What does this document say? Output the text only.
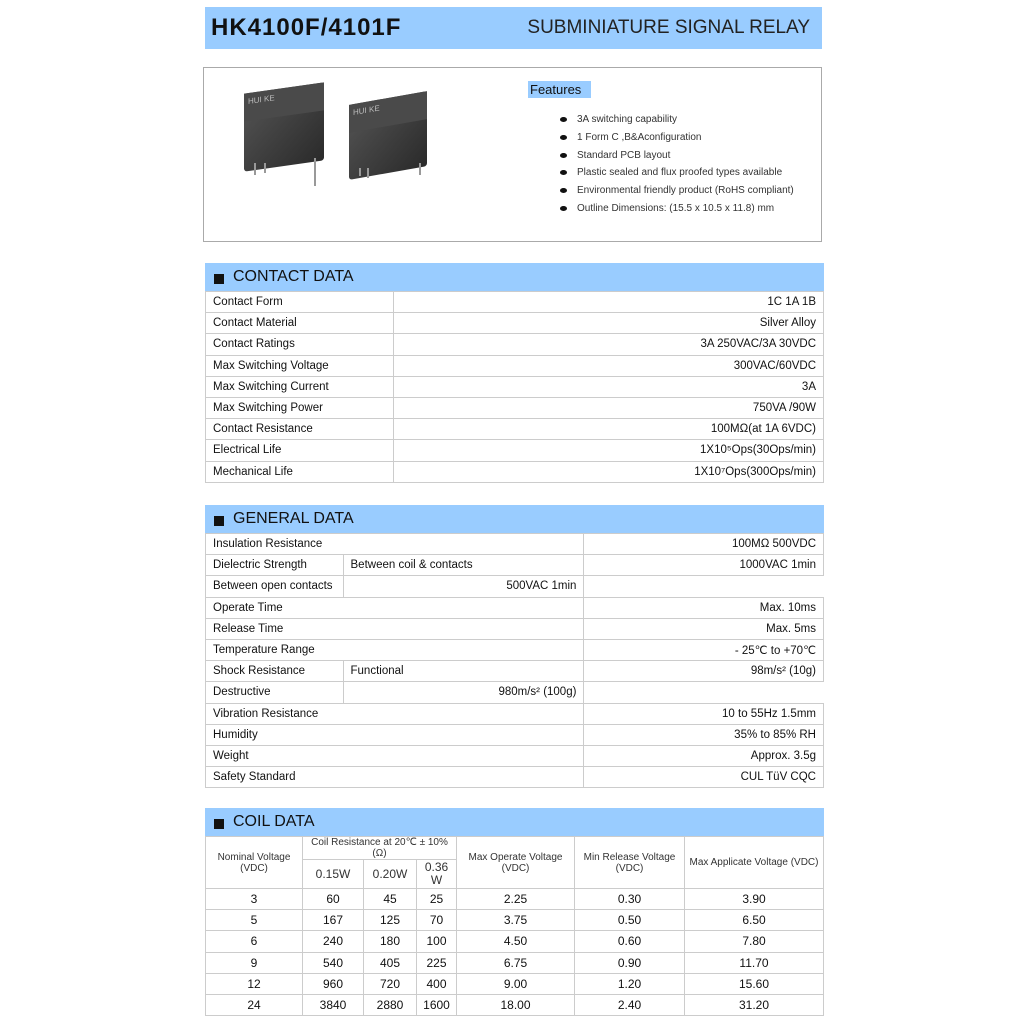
HK4100F/4101F	SUBMINIATURE SIGNAL RELAY
HUI KE
HUI KE
Features
3A switching capability
1 Form C ,B&Aconfiguration
Standard PCB layout
Plastic sealed and flux proofed types available
Environmental friendly product (RoHS compliant)
Outline Dimensions: (15.5 x 10.5 x 11.8) mm
CONTACT DATA
Contact Form	1C 1A 1B
Contact Material	Silver Alloy
Contact Ratings	3A 250VAC/3A 30VDC
Max Switching Voltage	300VAC/60VDC
Max Switching Current	3A
Max Switching Power	750VA /90W
Contact Resistance	100MΩ(at 1A 6VDC)
Electrical Life	1X10⁵Ops(30Ops/min)
Mechanical Life	1X10⁷Ops(300Ops/min)
GENERAL DATA
Insulation Resistance		100MΩ 500VDC
Dielectric Strength	Between coil & contacts	1000VAC 1min
Between open contacts	500VAC 1min	
Operate Time		Max. 10ms
Release Time		Max. 5ms
Temperature Range		- 25℃ to +70℃
Shock Resistance	Functional	98m/s² (10g)
Destructive	980m/s² (100g)	
Vibration Resistance		10 to 55Hz 1.5mm
Humidity		35% to 85% RH
Weight		Approx. 3.5g
Safety Standard		CUL TüV CQC
COIL DATA
Nominal Voltage (VDC)	Coil Resistance at 20℃ ± 10%(Ω)			Max Operate Voltage (VDC)	Min Release Voltage (VDC)	Max Applicate Voltage (VDC)
	0.15W	0.20W	0.36 W			
3	60	45	25	2.25	0.30	3.90
5	167	125	70	3.75	0.50	6.50
6	240	180	100	4.50	0.60	7.80
9	540	405	225	6.75	0.90	11.70
12	960	720	400	9.00	1.20	15.60
24	3840	2880	1600	18.00	2.40	31.20
